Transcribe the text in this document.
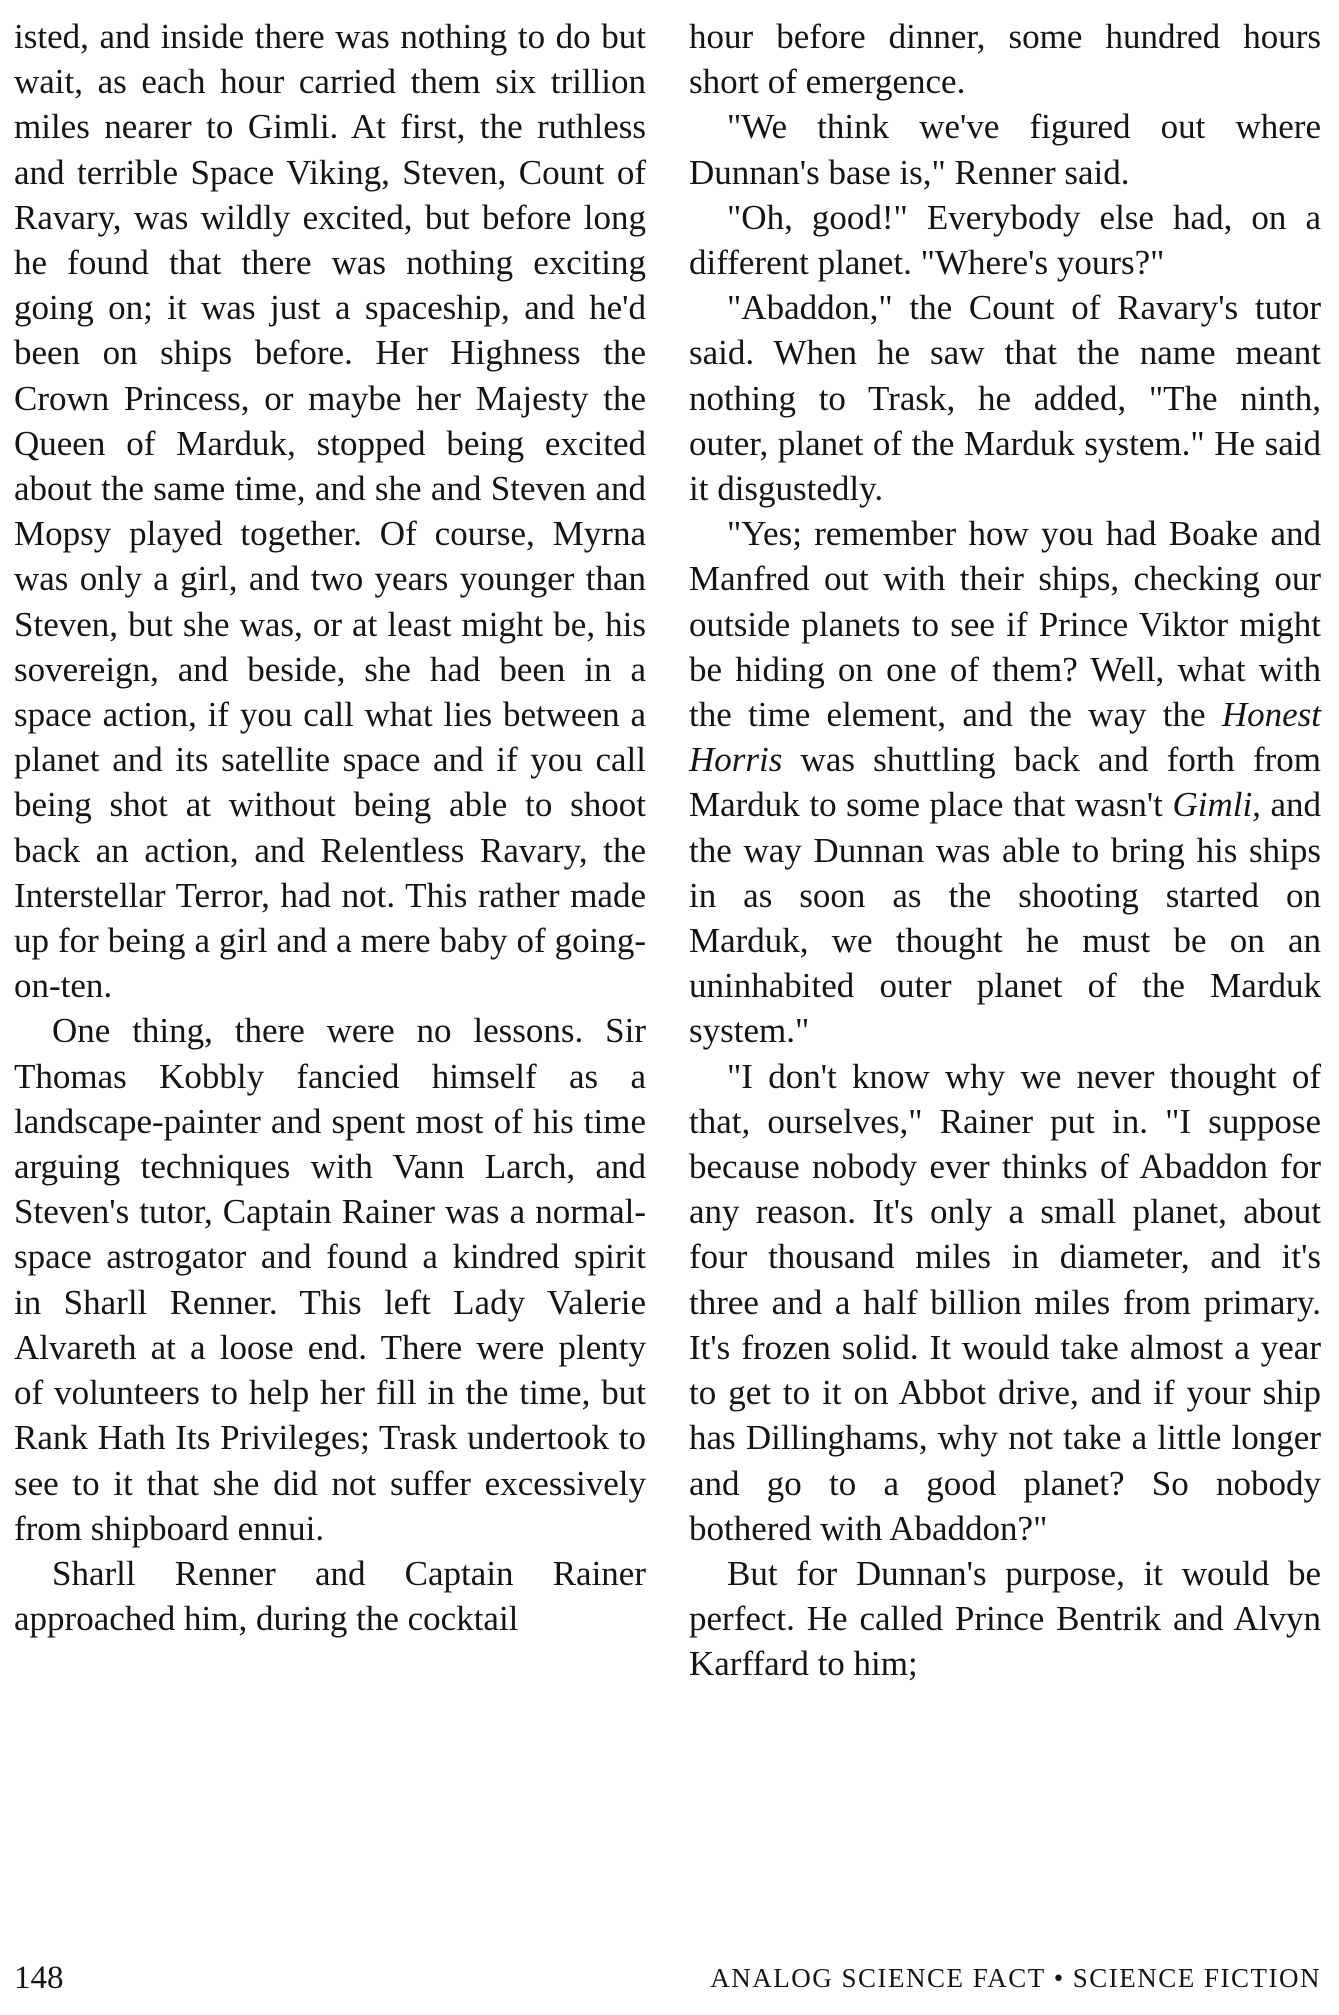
isted, and inside there was nothing to do but wait, as each hour carried them six trillion miles nearer to Gimli. At first, the ruthless and terrible Space Viking, Steven, Count of Ravary, was wildly excited, but before long he found that there was nothing exciting going on; it was just a spaceship, and he'd been on ships before. Her Highness the Crown Princess, or maybe her Majesty the Queen of Marduk, stopped being excited about the same time, and she and Steven and Mopsy played together. Of course, Myrna was only a girl, and two years younger than Steven, but she was, or at least might be, his sovereign, and beside, she had been in a space action, if you call what lies between a planet and its satellite space and if you call being shot at without being able to shoot back an action, and Relentless Ravary, the Interstellar Terror, had not. This rather made up for being a girl and a mere baby of going-on-ten.

One thing, there were no lessons. Sir Thomas Kobbly fancied himself as a landscape-painter and spent most of his time arguing techniques with Vann Larch, and Steven's tutor, Captain Rainer was a normal-space astrogator and found a kindred spirit in Sharll Renner. This left Lady Valerie Alvareth at a loose end. There were plenty of volunteers to help her fill in the time, but Rank Hath Its Privileges; Trask undertook to see to it that she did not suffer excessively from shipboard ennui.

Sharll Renner and Captain Rainer approached him, during the cocktail

hour before dinner, some hundred hours short of emergence.

"We think we've figured out where Dunnan's base is," Renner said.

"Oh, good!" Everybody else had, on a different planet. "Where's yours?"

"Abaddon," the Count of Ravary's tutor said. When he saw that the name meant nothing to Trask, he added, "The ninth, outer, planet of the Marduk system." He said it disgustedly.

"Yes; remember how you had Boake and Manfred out with their ships, checking our outside planets to see if Prince Viktor might be hiding on one of them? Well, what with the time element, and the way the Honest Horris was shuttling back and forth from Marduk to some place that wasn't Gimli, and the way Dunnan was able to bring his ships in as soon as the shooting started on Marduk, we thought he must be on an uninhabited outer planet of the Marduk system."

"I don't know why we never thought of that, ourselves," Rainer put in. "I suppose because nobody ever thinks of Abaddon for any reason. It's only a small planet, about four thousand miles in diameter, and it's three and a half billion miles from primary. It's frozen solid. It would take almost a year to get to it on Abbot drive, and if your ship has Dillinghams, why not take a little longer and go to a good planet? So nobody bothered with Abaddon?"

But for Dunnan's purpose, it would be perfect. He called Prince Bentrik and Alvyn Karffard to him;

148	ANALOG SCIENCE FACT • SCIENCE FICTION
